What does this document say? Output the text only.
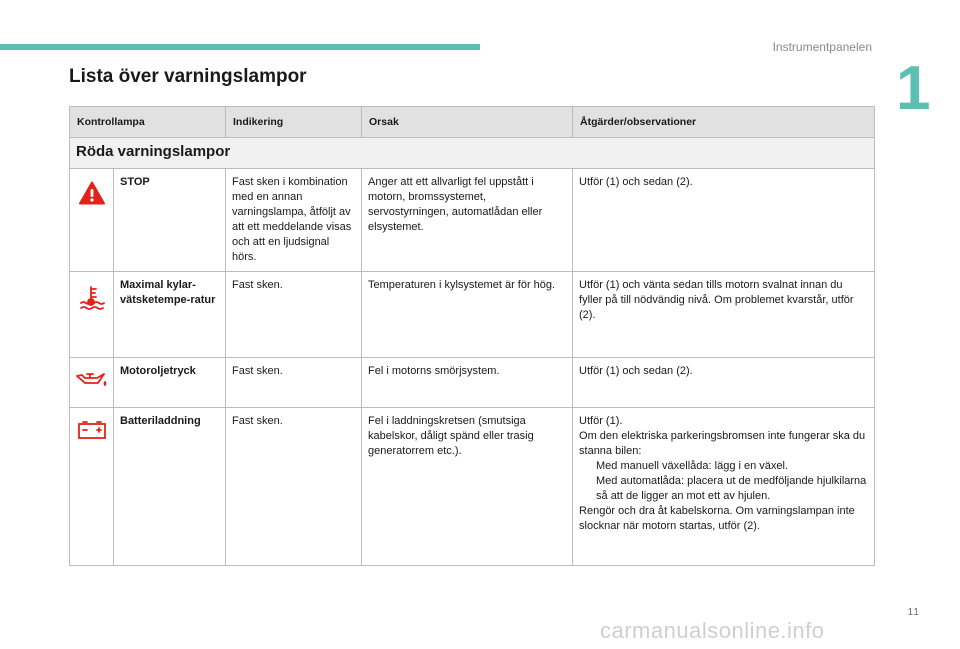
Instrumentpanelen
1
Lista över varningslampor
Kontrollampa		Indikering	Orsak	Åtgärder/observationer
Röda varningslampor				
	STOP	Fast sken i kombination med en annan varningslampa, åtföljt av att ett meddelande visas och att en ljudsignal hörs.	Anger att ett allvarligt fel uppstått i motorn, bromssystemet, servostyrningen, automatlådan eller elsystemet.	Utför (1) och sedan (2).
	Maximal kylar-vätsketempe-ratur	Fast sken.	Temperaturen i kylsystemet är för hög.	Utför (1) och vänta sedan tills motorn svalnat innan du fyller på till nödvändig nivå. Om problemet kvarstår, utför (2).
	Motoroljetryck	Fast sken.	Fel i motorns smörjsystem.	Utför (1) och sedan (2).
	Batteriladdning	Fast sken.	Fel i laddningskretsen (smutsiga kabelskor, dåligt spänd eller trasig generatorrem etc.).	Utför (1).
Om den elektriska parkeringsbromsen inte fungerar ska du stanna bilen:
Med manuell växellåda: lägg i en växel.
Med automatlåda: placera ut de medföljande hjulkilarna så att de ligger an mot ett av hjulen.
Rengör och dra åt kabelskorna. Om varningslampan inte slocknar när motorn startas, utför (2).
11
carmanualsonline.info
